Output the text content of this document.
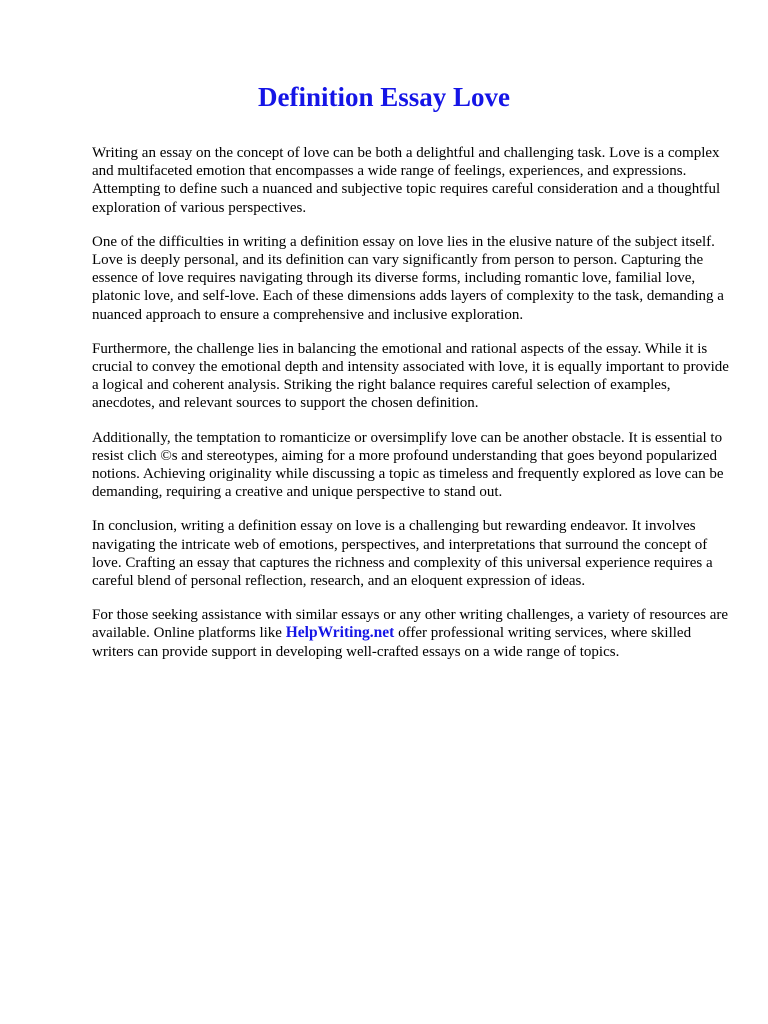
Definition Essay Love

Writing an essay on the concept of love can be both a delightful and challenging task. Love is a complex and multifaceted emotion that encompasses a wide range of feelings, experiences, and expressions. Attempting to define such a nuanced and subjective topic requires careful consideration and a thoughtful exploration of various perspectives.

One of the difficulties in writing a definition essay on love lies in the elusive nature of the subject itself. Love is deeply personal, and its definition can vary significantly from person to person. Capturing the essence of love requires navigating through its diverse forms, including romantic love, familial love, platonic love, and self-love. Each of these dimensions adds layers of complexity to the task, demanding a nuanced approach to ensure a comprehensive and inclusive exploration.

Furthermore, the challenge lies in balancing the emotional and rational aspects of the essay. While it is crucial to convey the emotional depth and intensity associated with love, it is equally important to provide a logical and coherent analysis. Striking the right balance requires careful selection of examples, anecdotes, and relevant sources to support the chosen definition.

Additionally, the temptation to romanticize or oversimplify love can be another obstacle. It is essential to resist clich ©s and stereotypes, aiming for a more profound understanding that goes beyond popularized notions. Achieving originality while discussing a topic as timeless and frequently explored as love can be demanding, requiring a creative and unique perspective to stand out.

In conclusion, writing a definition essay on love is a challenging but rewarding endeavor. It involves navigating the intricate web of emotions, perspectives, and interpretations that surround the concept of love. Crafting an essay that captures the richness and complexity of this universal experience requires a careful blend of personal reflection, research, and an eloquent expression of ideas.

For those seeking assistance with similar essays or any other writing challenges, a variety of resources are available. Online platforms like HelpWriting.net offer professional writing services, where skilled writers can provide support in developing well-crafted essays on a wide range of topics.
